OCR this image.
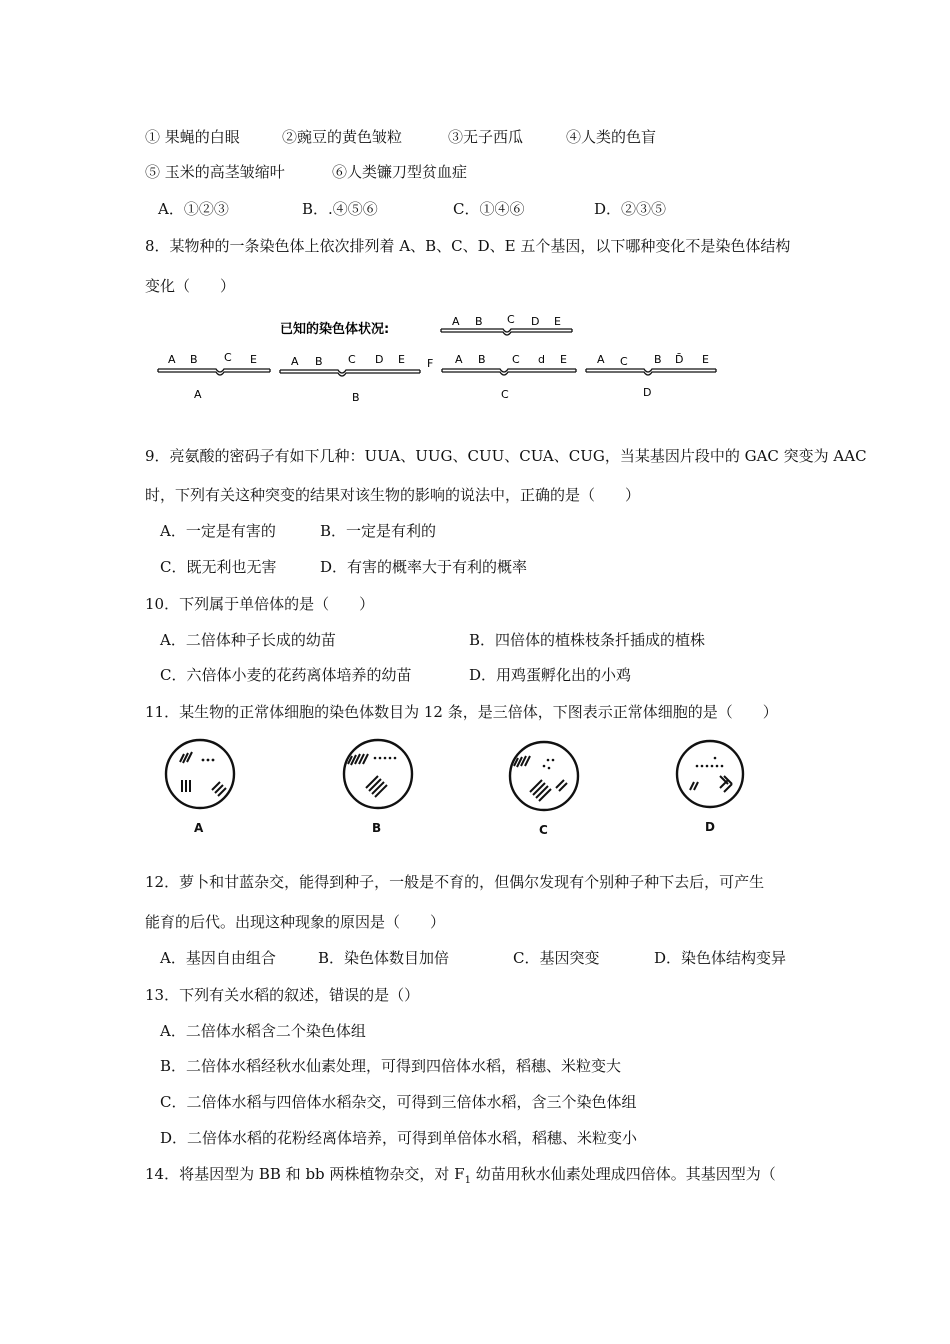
① 果蝇的白眼	②豌豆的黄色皱粒	③无子西瓜	④人类的色盲
⑤ 玉米的高茎皱缩叶	⑥人类镰刀型贫血症
A．①②③	B．.④⑤⑥	C．①④⑥	D．②③⑤
8．某物种的一条染色体上依次排列着 A、B、C、D、E 五个基因，以下哪种变化不是染色体结构
变化（　　）
已知的染色体状况:
A B C D E
A B C E
A
A B C D E F
B
A B C d E
C
A C B D̄ E
D
9．亮氨酸的密码子有如下几种：UUA、UUG、CUU、CUA、CUG，当某基因片段中的 GAC 突变为 AAC
时，下列有关这种突变的结果对该生物的影响的说法中，正确的是（　　）
A．一定是有害的	B．一定是有利的
C．既无利也无害	D．有害的概率大于有利的概率
10．下列属于单倍体的是（　　）
A．二倍体种子长成的幼苗	B．四倍体的植株枝条扦插成的植株
C．六倍体小麦的花药离体培养的幼苗	D．用鸡蛋孵化出的小鸡
11．某生物的正常体细胞的染色体数目为 12 条，是三倍体，下图表示正常体细胞的是（　　）
A	B	C	D
12．萝卜和甘蓝杂交，能得到种子，一般是不育的，但偶尔发现有个别种子种下去后，可产生
能育的后代。出现这种现象的原因是（　　）
A．基因自由组合	B．染色体数目加倍	C．基因突变	D．染色体结构变异
13．下列有关水稻的叙述，错误的是（）
A．二倍体水稻含二个染色体组
B．二倍体水稻经秋水仙素处理，可得到四倍体水稻，稻穗、米粒变大
C．二倍体水稻与四倍体水稻杂交，可得到三倍体水稻，含三个染色体组
D．二倍体水稻的花粉经离体培养，可得到单倍体水稻，稻穗、米粒变小
14．将基因型为 BB 和 bb 两株植物杂交，对 $F_1$ 幼苗用秋水仙素处理成四倍体。其基因型为（
